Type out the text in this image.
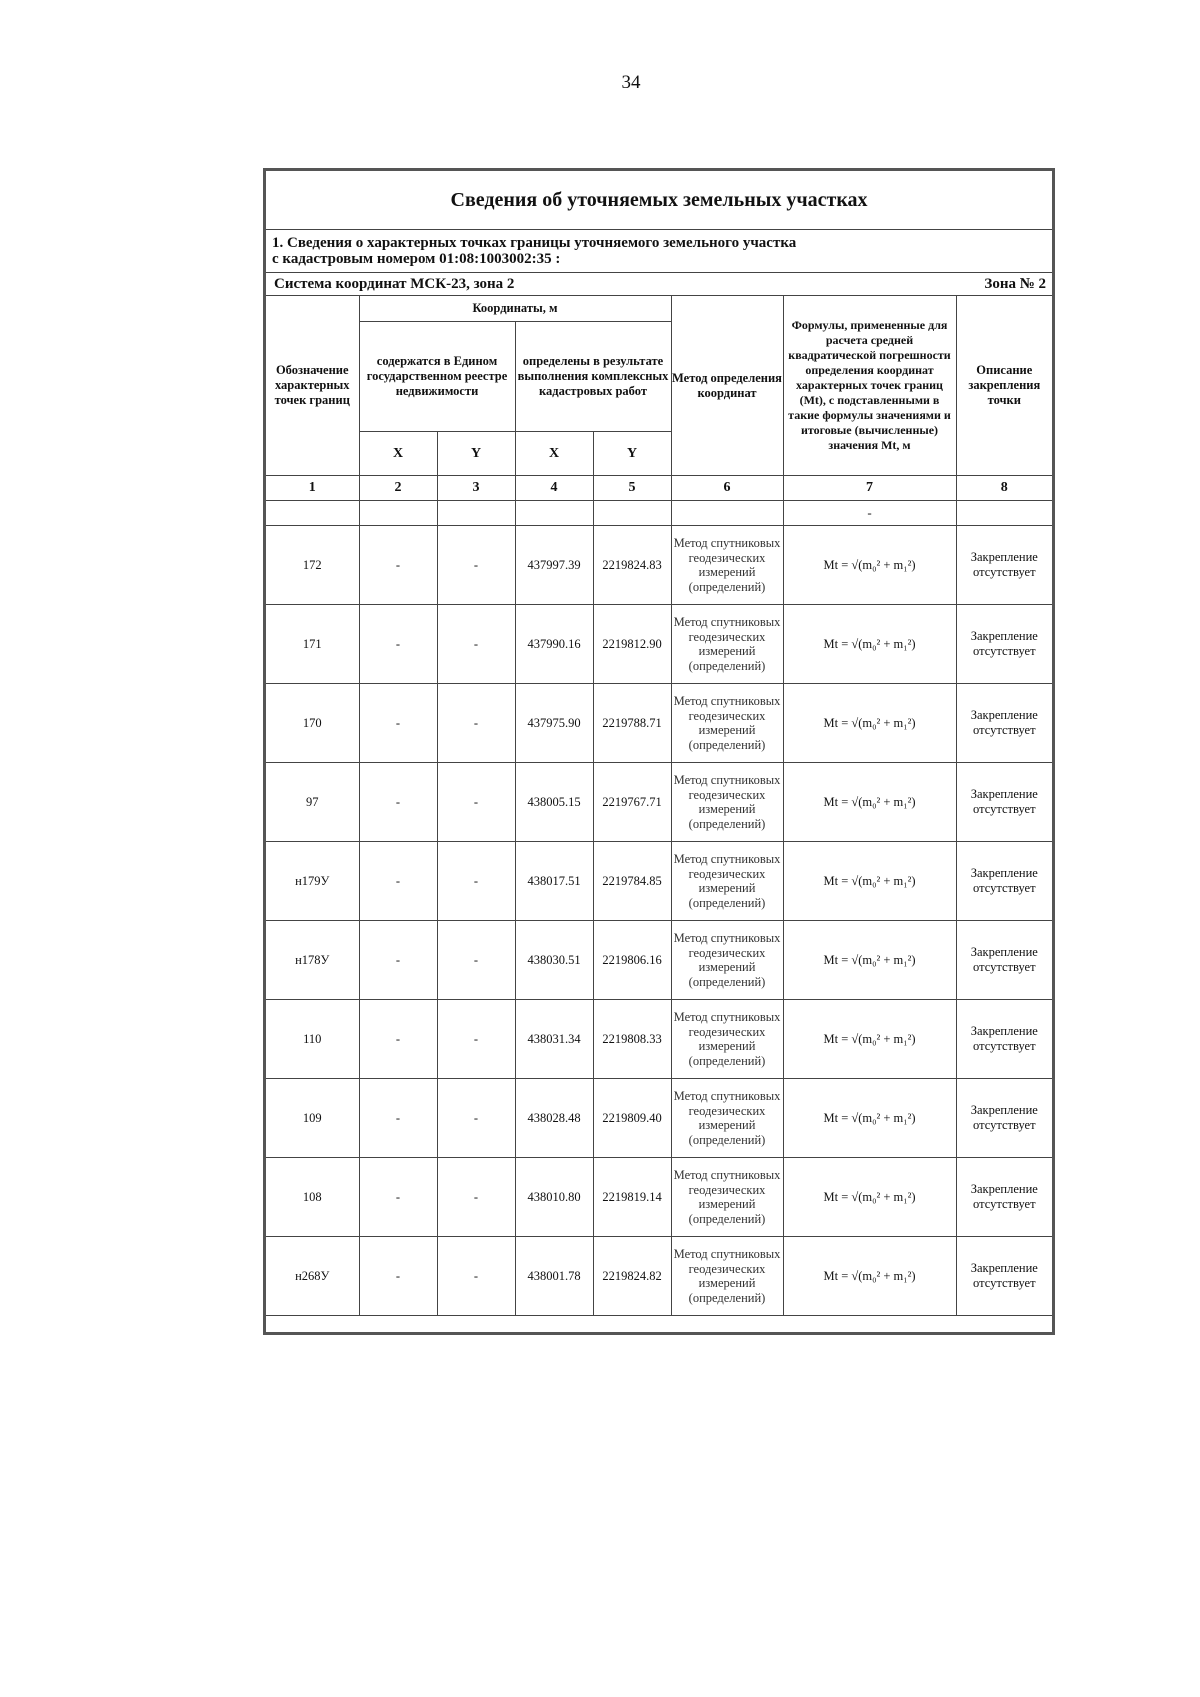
34
Сведения об уточняемых земельных участках							

1. Сведения о характерных точках границы уточняемого земельного участка
с кадастровым номером 01:08:1003002:35 :							

Система координат МСК-23, зона 2						Зона № 2	
Обозначение характерных точек границ	Координаты, м				Метод определения координат	Формулы, примененные для расчета средней квадратической погрешности определения координат характерных точек границ (Mt), с подставленными в такие формулы значениями и итоговые (вычисленные) значения Mt, м	Описание закрепления точки
	содержатся в Едином государственном реестре недвижимости		определены в результате выполнения комплексных кадастровых работ				
	X	Y	X	Y			
1	2	3	4	5	6	7	8
						-	
172	-	-	437997.39	2219824.83	Метод спутниковых геодезических измерений (определений)	Mt = √(m₀² + m₁²)	Закрепление отсутствует
171	-	-	437990.16	2219812.90	Метод спутниковых геодезических измерений (определений)	Mt = √(m₀² + m₁²)	Закрепление отсутствует
170	-	-	437975.90	2219788.71	Метод спутниковых геодезических измерений (определений)	Mt = √(m₀² + m₁²)	Закрепление отсутствует
97	-	-	438005.15	2219767.71	Метод спутниковых геодезических измерений (определений)	Mt = √(m₀² + m₁²)	Закрепление отсутствует
н179У	-	-	438017.51	2219784.85	Метод спутниковых геодезических измерений (определений)	Mt = √(m₀² + m₁²)	Закрепление отсутствует
н178У	-	-	438030.51	2219806.16	Метод спутниковых геодезических измерений (определений)	Mt = √(m₀² + m₁²)	Закрепление отсутствует
110	-	-	438031.34	2219808.33	Метод спутниковых геодезических измерений (определений)	Mt = √(m₀² + m₁²)	Закрепление отсутствует
109	-	-	438028.48	2219809.40	Метод спутниковых геодезических измерений (определений)	Mt = √(m₀² + m₁²)	Закрепление отсутствует
108	-	-	438010.80	2219819.14	Метод спутниковых геодезических измерений (определений)	Mt = √(m₀² + m₁²)	Закрепление отсутствует
н268У	-	-	438001.78	2219824.82	Метод спутниковых геодезических измерений (определений)	Mt = √(m₀² + m₁²)	Закрепление отсутствует
